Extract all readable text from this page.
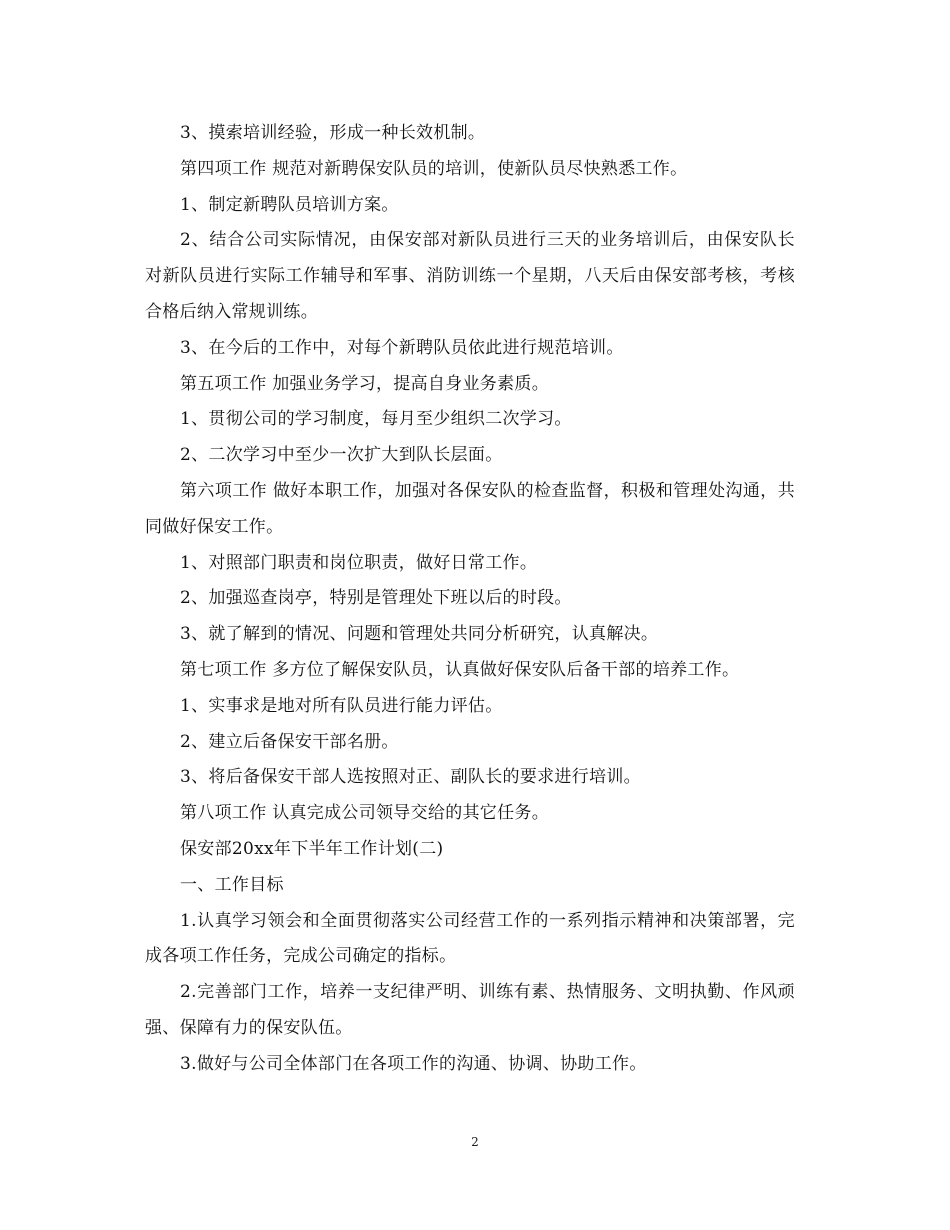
3、摸索培训经验，形成一种长效机制。

第四项工作 规范对新聘保安队员的培训，使新队员尽快熟悉工作。

1、制定新聘队员培训方案。

2、结合公司实际情况，由保安部对新队员进行三天的业务培训后，由保安队长对新队员进行实际工作辅导和军事、消防训练一个星期，八天后由保安部考核，考核合格后纳入常规训练。

3、在今后的工作中，对每个新聘队员依此进行规范培训。

第五项工作 加强业务学习，提高自身业务素质。

1、贯彻公司的学习制度，每月至少组织二次学习。

2、二次学习中至少一次扩大到队长层面。

第六项工作 做好本职工作，加强对各保安队的检查监督，积极和管理处沟通，共同做好保安工作。

1、对照部门职责和岗位职责，做好日常工作。

2、加强巡查岗亭，特别是管理处下班以后的时段。

3、就了解到的情况、问题和管理处共同分析研究，认真解决。

第七项工作 多方位了解保安队员，认真做好保安队后备干部的培养工作。

1、实事求是地对所有队员进行能力评估。

2、建立后备保安干部名册。

3、将后备保安干部人选按照对正、副队长的要求进行培训。

第八项工作 认真完成公司领导交给的其它任务。

保安部20xx年下半年工作计划(二)

一、工作目标

1.认真学习领会和全面贯彻落实公司经营工作的一系列指示精神和决策部署，完成各项工作任务，完成公司确定的指标。

2.完善部门工作，培养一支纪律严明、训练有素、热情服务、文明执勤、作风顽强、保障有力的保安队伍。

3.做好与公司全体部门在各项工作的沟通、协调、协助工作。

2
